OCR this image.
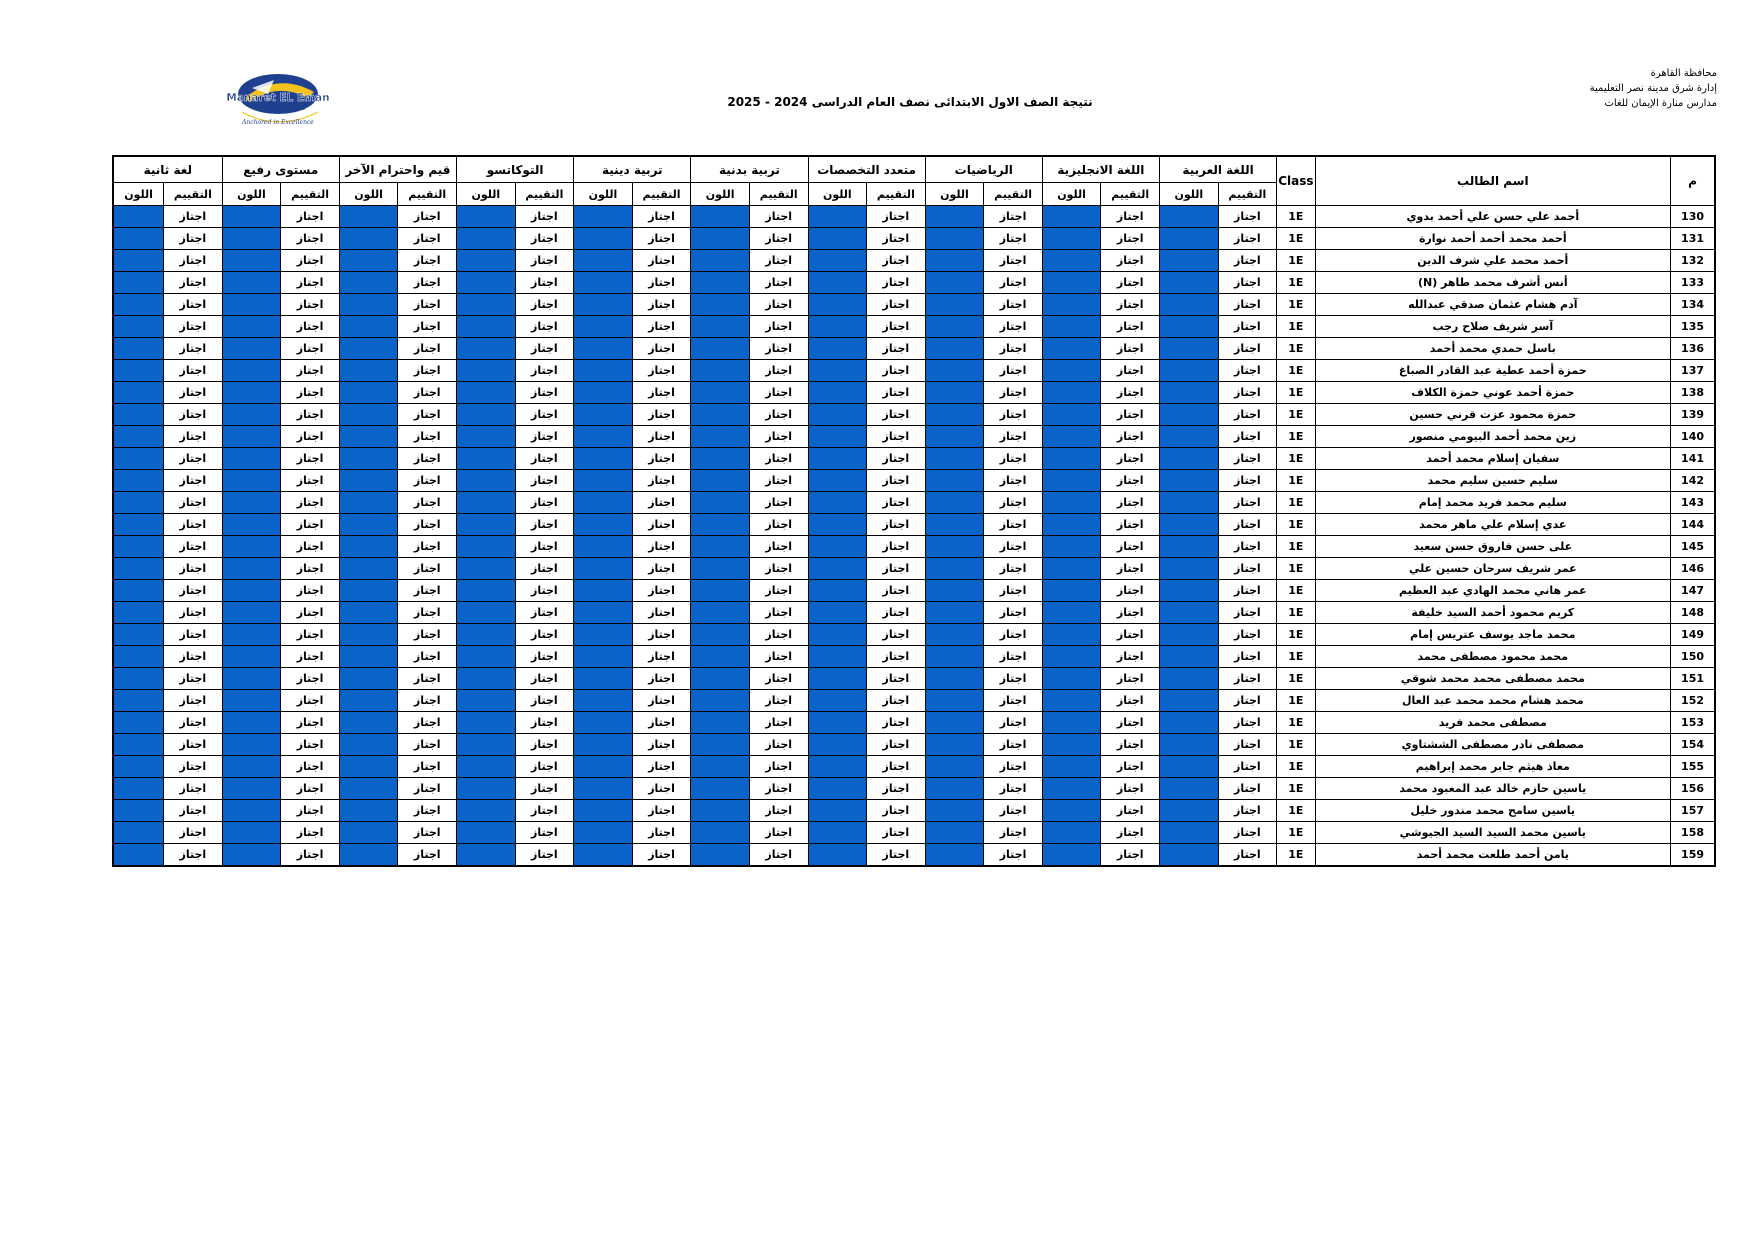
محافظة القاهرة
إدارة شرق مدينة نصر التعليمية
مدارس منارة الإيمان للغات
نتيجة الصف الاول الابتدائى نصف العام الدراسى 2024 - 2025
Manaret EL Eman
Language Schools
Anchored in Excellence
م	اسم الطالب	Class	اللغة العربية		اللغة الانجليزية		الرياضيات		متعدد التخصصات		تربية بدنية		تربية دينية		التوكاتسو		قيم واحترام الآخر		مستوى رفيع		لغة ثانية	
			التقييم	اللون	التقييم	اللون	التقييم	اللون	التقييم	اللون	التقييم	اللون	التقييم	اللون	التقييم	اللون	التقييم	اللون	التقييم	اللون	التقييم	اللون
130	أحمد علي حسن علي أحمد بدوي	1E	اجتاز		اجتاز		اجتاز		اجتاز		اجتاز		اجتاز		اجتاز		اجتاز		اجتاز		اجتاز	
131	أحمد محمد أحمد أحمد نوارة	1E	اجتاز		اجتاز		اجتاز		اجتاز		اجتاز		اجتاز		اجتاز		اجتاز		اجتاز		اجتاز	
132	أحمد محمد علي شرف الدين	1E	اجتاز		اجتاز		اجتاز		اجتاز		اجتاز		اجتاز		اجتاز		اجتاز		اجتاز		اجتاز	
133	أنس أشرف محمد طاهر (N)	1E	اجتاز		اجتاز		اجتاز		اجتاز		اجتاز		اجتاز		اجتاز		اجتاز		اجتاز		اجتاز	
134	آدم هشام عثمان صدقي عبدالله	1E	اجتاز		اجتاز		اجتاز		اجتاز		اجتاز		اجتاز		اجتاز		اجتاز		اجتاز		اجتاز	
135	آسر شريف صلاح رجب	1E	اجتاز		اجتاز		اجتاز		اجتاز		اجتاز		اجتاز		اجتاز		اجتاز		اجتاز		اجتاز	
136	باسل حمدي محمد أحمد	1E	اجتاز		اجتاز		اجتاز		اجتاز		اجتاز		اجتاز		اجتاز		اجتاز		اجتاز		اجتاز	
137	حمزة أحمد عطية عبد القادر الصباغ	1E	اجتاز		اجتاز		اجتاز		اجتاز		اجتاز		اجتاز		اجتاز		اجتاز		اجتاز		اجتاز	
138	حمزة أحمد عوني حمزة الكلاف	1E	اجتاز		اجتاز		اجتاز		اجتاز		اجتاز		اجتاز		اجتاز		اجتاز		اجتاز		اجتاز	
139	حمزة محمود عزت قرني حسين	1E	اجتاز		اجتاز		اجتاز		اجتاز		اجتاز		اجتاز		اجتاز		اجتاز		اجتاز		اجتاز	
140	زين محمد أحمد البيومي منصور	1E	اجتاز		اجتاز		اجتاز		اجتاز		اجتاز		اجتاز		اجتاز		اجتاز		اجتاز		اجتاز	
141	سفيان إسلام محمد أحمد	1E	اجتاز		اجتاز		اجتاز		اجتاز		اجتاز		اجتاز		اجتاز		اجتاز		اجتاز		اجتاز	
142	سليم حسين سليم محمد	1E	اجتاز		اجتاز		اجتاز		اجتاز		اجتاز		اجتاز		اجتاز		اجتاز		اجتاز		اجتاز	
143	سليم محمد فريد محمد إمام	1E	اجتاز		اجتاز		اجتاز		اجتاز		اجتاز		اجتاز		اجتاز		اجتاز		اجتاز		اجتاز	
144	عدي إسلام علي ماهر محمد	1E	اجتاز		اجتاز		اجتاز		اجتاز		اجتاز		اجتاز		اجتاز		اجتاز		اجتاز		اجتاز	
145	على حسن فاروق حسن سعيد	1E	اجتاز		اجتاز		اجتاز		اجتاز		اجتاز		اجتاز		اجتاز		اجتاز		اجتاز		اجتاز	
146	عمر شريف سرحان حسين علي	1E	اجتاز		اجتاز		اجتاز		اجتاز		اجتاز		اجتاز		اجتاز		اجتاز		اجتاز		اجتاز	
147	عمر هاني محمد الهادي عبد العظيم	1E	اجتاز		اجتاز		اجتاز		اجتاز		اجتاز		اجتاز		اجتاز		اجتاز		اجتاز		اجتاز	
148	كريم محمود أحمد السيد خليفة	1E	اجتاز		اجتاز		اجتاز		اجتاز		اجتاز		اجتاز		اجتاز		اجتاز		اجتاز		اجتاز	
149	محمد ماجد يوسف عتريس إمام	1E	اجتاز		اجتاز		اجتاز		اجتاز		اجتاز		اجتاز		اجتاز		اجتاز		اجتاز		اجتاز	
150	محمد محمود مصطفى محمد	1E	اجتاز		اجتاز		اجتاز		اجتاز		اجتاز		اجتاز		اجتاز		اجتاز		اجتاز		اجتاز	
151	محمد مصطفى محمد محمد شوقي	1E	اجتاز		اجتاز		اجتاز		اجتاز		اجتاز		اجتاز		اجتاز		اجتاز		اجتاز		اجتاز	
152	محمد هشام محمد محمد عبد العال	1E	اجتاز		اجتاز		اجتاز		اجتاز		اجتاز		اجتاز		اجتاز		اجتاز		اجتاز		اجتاز	
153	مصطفى محمد فريد	1E	اجتاز		اجتاز		اجتاز		اجتاز		اجتاز		اجتاز		اجتاز		اجتاز		اجتاز		اجتاز	
154	مصطفى نادر مصطفى الششتاوي	1E	اجتاز		اجتاز		اجتاز		اجتاز		اجتاز		اجتاز		اجتاز		اجتاز		اجتاز		اجتاز	
155	معاذ هيثم جابر محمد إبراهيم	1E	اجتاز		اجتاز		اجتاز		اجتاز		اجتاز		اجتاز		اجتاز		اجتاز		اجتاز		اجتاز	
156	ياسين حازم خالد عبد المعبود محمد	1E	اجتاز		اجتاز		اجتاز		اجتاز		اجتاز		اجتاز		اجتاز		اجتاز		اجتاز		اجتاز	
157	ياسين سامح محمد مندور خليل	1E	اجتاز		اجتاز		اجتاز		اجتاز		اجتاز		اجتاز		اجتاز		اجتاز		اجتاز		اجتاز	
158	ياسين محمد السيد السيد الجيوشي	1E	اجتاز		اجتاز		اجتاز		اجتاز		اجتاز		اجتاز		اجتاز		اجتاز		اجتاز		اجتاز	
159	يامن أحمد طلعت محمد أحمد	1E	اجتاز		اجتاز		اجتاز		اجتاز		اجتاز		اجتاز		اجتاز		اجتاز		اجتاز		اجتاز	
